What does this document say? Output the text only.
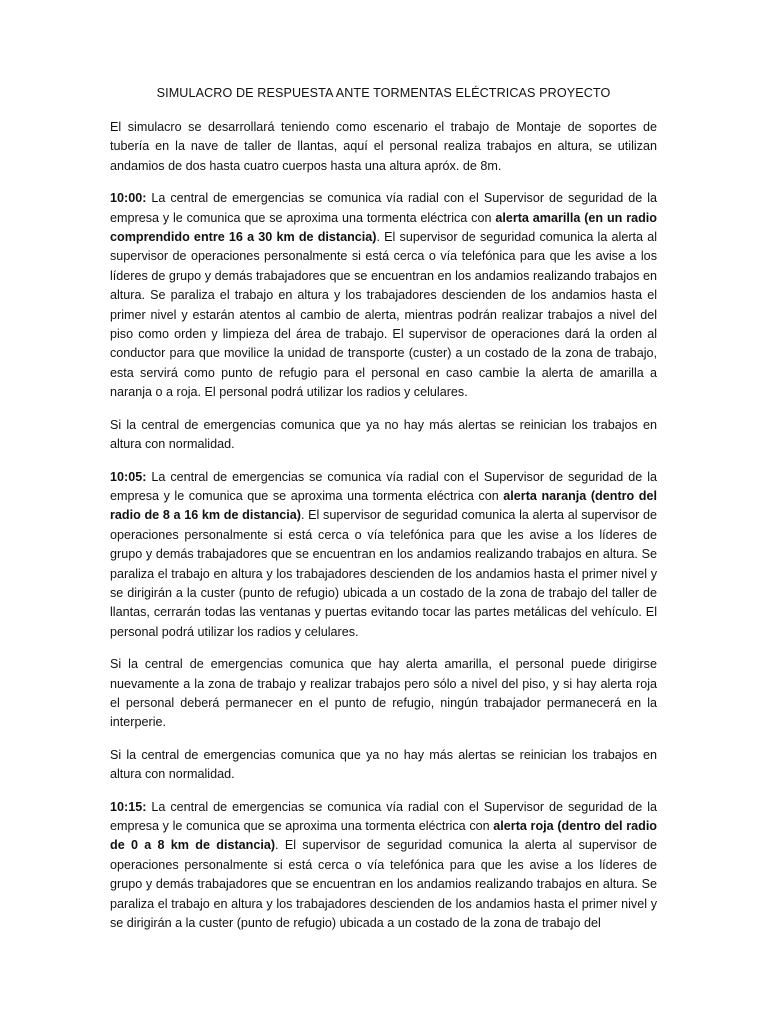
SIMULACRO DE RESPUESTA ANTE TORMENTAS ELÉCTRICAS PROYECTO

El simulacro se desarrollará teniendo como escenario el trabajo de Montaje de soportes de tubería en la nave de taller de llantas, aquí el personal realiza trabajos en altura, se utilizan andamios de dos hasta cuatro cuerpos hasta una altura apróx. de 8m.

10:00: La central de emergencias se comunica vía radial con el Supervisor de seguridad de la empresa y le comunica que se aproxima una tormenta eléctrica con alerta amarilla (en un radio comprendido entre 16 a 30 km de distancia). El supervisor de seguridad comunica la alerta al supervisor de operaciones personalmente si está cerca o vía telefónica para que les avise a los líderes de grupo y demás trabajadores que se encuentran en los andamios realizando trabajos en altura. Se paraliza el trabajo en altura y los trabajadores descienden de los andamios hasta el primer nivel y estarán atentos al cambio de alerta, mientras podrán realizar trabajos a nivel del piso como orden y limpieza del área de trabajo. El supervisor de operaciones dará la orden al conductor para que movilice la unidad de transporte (custer) a un costado de la zona de trabajo, esta servirá como punto de refugio para el personal en caso cambie la alerta de amarilla a naranja o a roja. El personal podrá utilizar los radios y celulares.

Si la central de emergencias comunica que ya no hay más alertas se reinician los trabajos en altura con normalidad.

10:05: La central de emergencias se comunica vía radial con el Supervisor de seguridad de la empresa y le comunica que se aproxima una tormenta eléctrica con alerta naranja (dentro del radio de 8 a 16 km de distancia). El supervisor de seguridad comunica la alerta al supervisor de operaciones personalmente si está cerca o vía telefónica para que les avise a los líderes de grupo y demás trabajadores que se encuentran en los andamios realizando trabajos en altura. Se paraliza el trabajo en altura y los trabajadores descienden de los andamios hasta el primer nivel y se dirigirán a la custer (punto de refugio) ubicada a un costado de la zona de trabajo del taller de llantas, cerrarán todas las ventanas y puertas evitando tocar las partes metálicas del vehículo. El personal podrá utilizar los radios y celulares.

Si la central de emergencias comunica que hay alerta amarilla, el personal puede dirigirse nuevamente a la zona de trabajo y realizar trabajos pero sólo a nivel del piso, y si hay alerta roja el personal deberá permanecer en el punto de refugio, ningún trabajador permanecerá en la interperie.

Si la central de emergencias comunica que ya no hay más alertas se reinician los trabajos en altura con normalidad.

10:15: La central de emergencias se comunica vía radial con el Supervisor de seguridad de la empresa y le comunica que se aproxima una tormenta eléctrica con alerta roja (dentro del radio de 0 a 8 km de distancia). El supervisor de seguridad comunica la alerta al supervisor de operaciones personalmente si está cerca o vía telefónica para que les avise a los líderes de grupo y demás trabajadores que se encuentran en los andamios realizando trabajos en altura. Se paraliza el trabajo en altura y los trabajadores descienden de los andamios hasta el primer nivel y se dirigirán a la custer (punto de refugio) ubicada a un costado de la zona de trabajo del
